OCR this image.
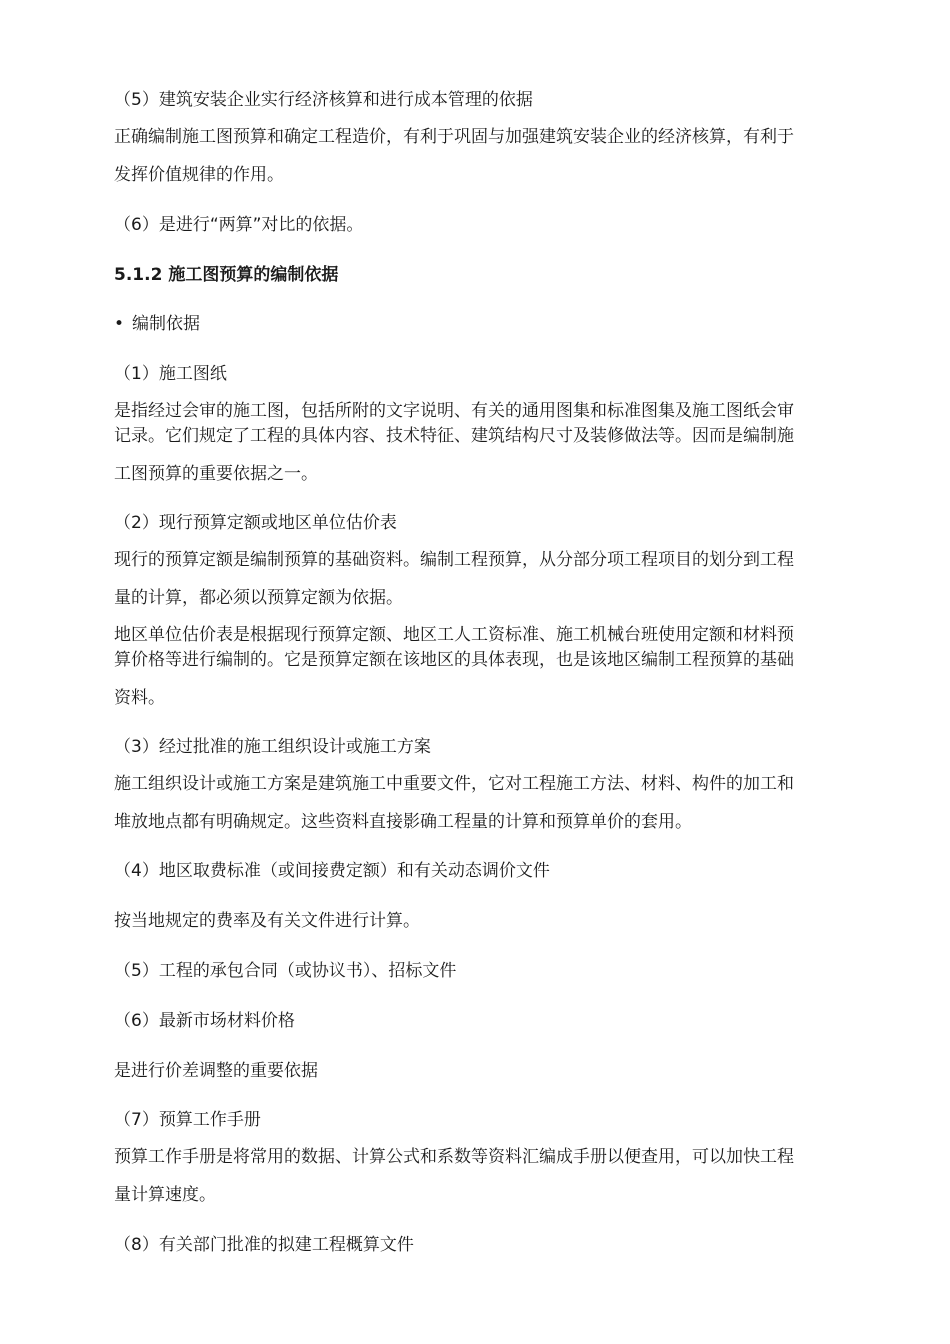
（5）建筑安装企业实行经济核算和进行成本管理的依据
正确编制施工图预算和确定工程造价，有利于巩固与加强建筑安装企业的经济核算，有利于
发挥价值规律的作用。
（6）是进行“两算”对比的依据。
5.1.2 施工图预算的编制依据
• 编制依据
（1）施工图纸
是指经过会审的施工图，包括所附的文字说明、有关的通用图集和标准图集及施工图纸会审
记录。它们规定了工程的具体内容、技术特征、建筑结构尺寸及装修做法等。因而是编制施
工图预算的重要依据之一。
（2）现行预算定额或地区单位估价表
现行的预算定额是编制预算的基础资料。编制工程预算，从分部分项工程项目的划分到工程
量的计算，都必须以预算定额为依据。
地区单位估价表是根据现行预算定额、地区工人工资标准、施工机械台班使用定额和材料预
算价格等进行编制的。它是预算定额在该地区的具体表现，也是该地区编制工程预算的基础
资料。
（3）经过批准的施工组织设计或施工方案
施工组织设计或施工方案是建筑施工中重要文件，它对工程施工方法、材料、构件的加工和
堆放地点都有明确规定。这些资料直接影确工程量的计算和预算单价的套用。
（4）地区取费标准（或间接费定额）和有关动态调价文件
按当地规定的费率及有关文件进行计算。
（5）工程的承包合同（或协议书）、招标文件
（6）最新市场材料价格
是进行价差调整的重要依据
（7）预算工作手册
预算工作手册是将常用的数据、计算公式和系数等资料汇编成手册以便查用，可以加快工程
量计算速度。
（8）有关部门批准的拟建工程概算文件
